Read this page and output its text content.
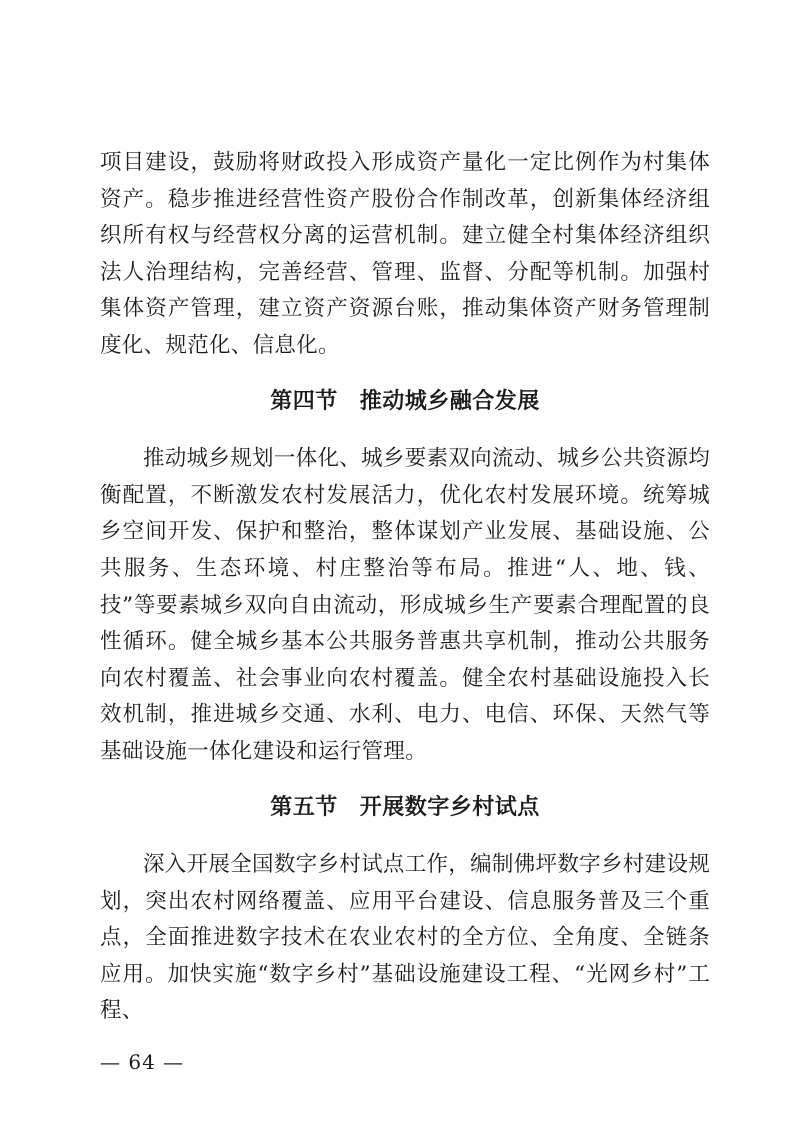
项目建设，鼓励将财政投入形成资产量化一定比例作为村集体资产。稳步推进经营性资产股份合作制改革，创新集体经济组织所有权与经营权分离的运营机制。建立健全村集体经济组织法人治理结构，完善经营、管理、监督、分配等机制。加强村集体资产管理，建立资产资源台账，推动集体资产财务管理制度化、规范化、信息化。

第四节 推动城乡融合发展

推动城乡规划一体化、城乡要素双向流动、城乡公共资源均衡配置，不断激发农村发展活力，优化农村发展环境。统筹城乡空间开发、保护和整治，整体谋划产业发展、基础设施、公共服务、生态环境、村庄整治等布局。推进“人、地、钱、技”等要素城乡双向自由流动，形成城乡生产要素合理配置的良性循环。健全城乡基本公共服务普惠共享机制，推动公共服务向农村覆盖、社会事业向农村覆盖。健全农村基础设施投入长效机制，推进城乡交通、水利、电力、电信、环保、天然气等基础设施一体化建设和运行管理。

第五节 开展数字乡村试点

深入开展全国数字乡村试点工作，编制佛坪数字乡村建设规划，突出农村网络覆盖、应用平台建设、信息服务普及三个重点，全面推进数字技术在农业农村的全方位、全角度、全链条应用。加快实施“数字乡村”基础设施建设工程、“光网乡村”工程、

— 64 —
